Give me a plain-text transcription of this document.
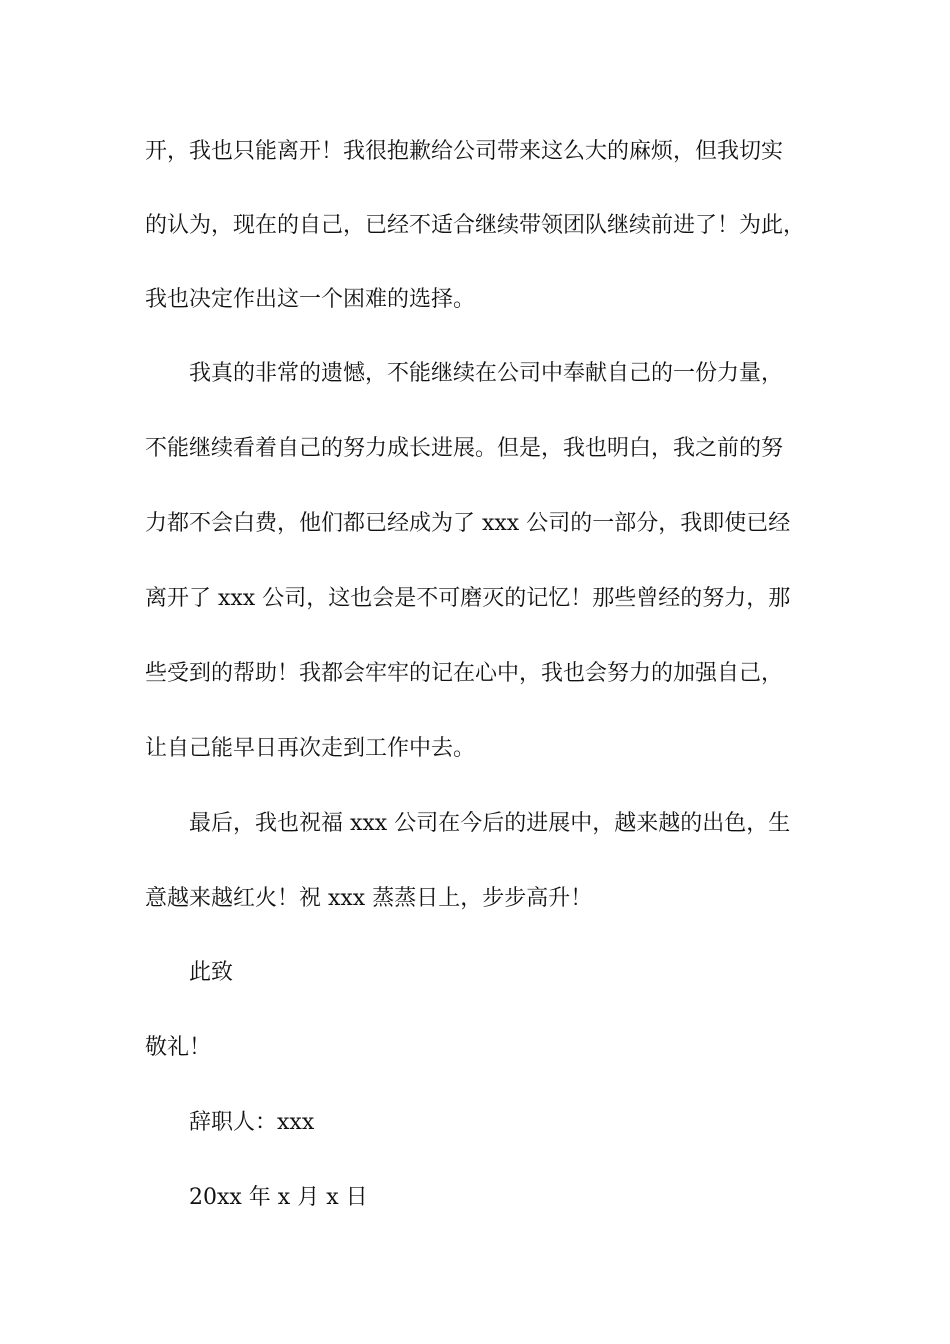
开，我也只能离开！我很抱歉给公司带来这么大的麻烦，但我切实

的认为，现在的自己，已经不适合继续带领团队继续前进了！为此，

我也决定作出这一个困难的选择。

我真的非常的遗憾，不能继续在公司中奉献自己的一份力量，

不能继续看着自己的努力成长进展。但是，我也明白，我之前的努

力都不会白费，他们都已经成为了 xxx 公司的一部分，我即使已经

离开了 xxx 公司，这也会是不可磨灭的记忆！那些曾经的努力，那

些受到的帮助！我都会牢牢的记在心中，我也会努力的加强自己，

让自己能早日再次走到工作中去。

最后，我也祝福 xxx 公司在今后的进展中，越来越的出色，生

意越来越红火！祝 xxx 蒸蒸日上，步步高升！

此致

敬礼！

辞职人：xxx

20xx 年 x 月 x 日
